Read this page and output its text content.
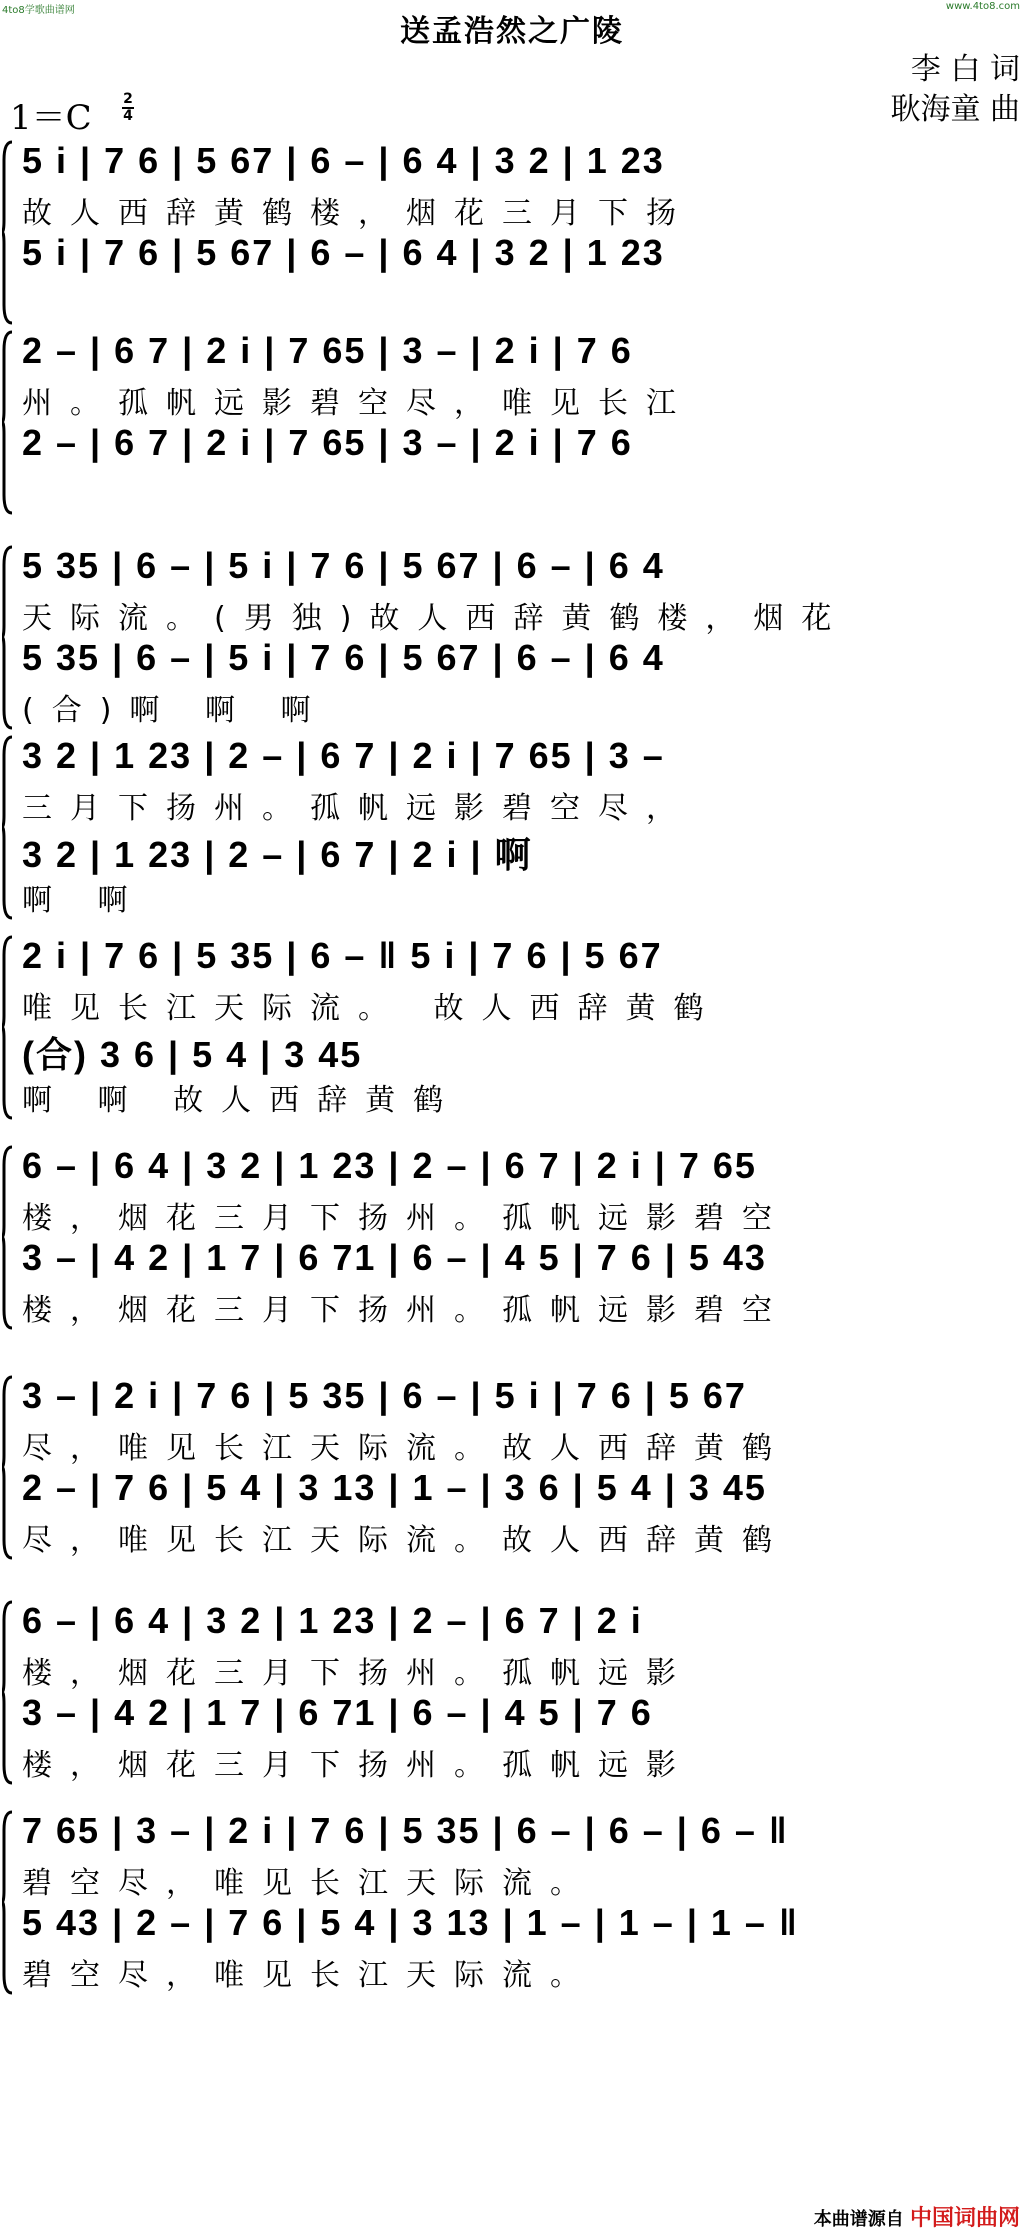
4to8学歌曲谱网	www.4to8.com
送孟浩然之广陵
李 白 词
耿海童 曲
1＝C 2
4
5 i | 7 6 | 5 67 | 6 – | 6 4 | 3 2 | 1 23
故人西辞黄鹤楼，烟花三月下扬
5 i | 7 6 | 5 67 | 6 – | 6 4 | 3 2 | 1 23
2 – | 6 7 | 2 i | 7 65 | 3 – | 2 i | 7 6
州。孤帆远影碧空尽，唯见长江
2 – | 6 7 | 2 i | 7 65 | 3 – | 2 i | 7 6
5 35 | 6 – | 5 i | 7 6 | 5 67 | 6 – | 6 4
天际流。(男独)故人西辞黄鹤楼，烟花
5 35 | 6 – | 5 i | 7 6 | 5 67 | 6 – | 6 4
(合)啊 啊 啊
3 2 | 1 23 | 2 – | 6 7 | 2 i | 7 65 | 3 –
三月下扬州。孤帆远影碧空尽，
3 2 | 1 23 | 2 – | 6 7 | 2 i | 啊
啊 啊
2 i | 7 6 | 5 35 | 6 – ‖ 5 i | 7 6 | 5 67
唯见长江天际流。 故人西辞黄鹤
(合) 3 6 | 5 4 | 3 45
啊 啊 故人西辞黄鹤
6 – | 6 4 | 3 2 | 1 23 | 2 – | 6 7 | 2 i | 7 65
楼，烟花三月下扬州。孤帆远影碧空
3 – | 4 2 | 1 7 | 6 71 | 6 – | 4 5 | 7 6 | 5 43
楼，烟花三月下扬州。孤帆远影碧空
3 – | 2 i | 7 6 | 5 35 | 6 – | 5 i | 7 6 | 5 67
尽，唯见长江天际流。故人西辞黄鹤
2 – | 7 6 | 5 4 | 3 13 | 1 – | 3 6 | 5 4 | 3 45
尽，唯见长江天际流。故人西辞黄鹤
6 – | 6 4 | 3 2 | 1 23 | 2 – | 6 7 | 2 i
楼，烟花三月下扬州。孤帆远影
3 – | 4 2 | 1 7 | 6 71 | 6 – | 4 5 | 7 6
楼，烟花三月下扬州。孤帆远影
7 65 | 3 – | 2 i | 7 6 | 5 35 | 6 – | 6 – | 6 – ‖
碧空尽，唯见长江天际流。
5 43 | 2 – | 7 6 | 5 4 | 3 13 | 1 – | 1 – | 1 – ‖
碧空尽，唯见长江天际流。
本曲谱源自 中国词曲网
